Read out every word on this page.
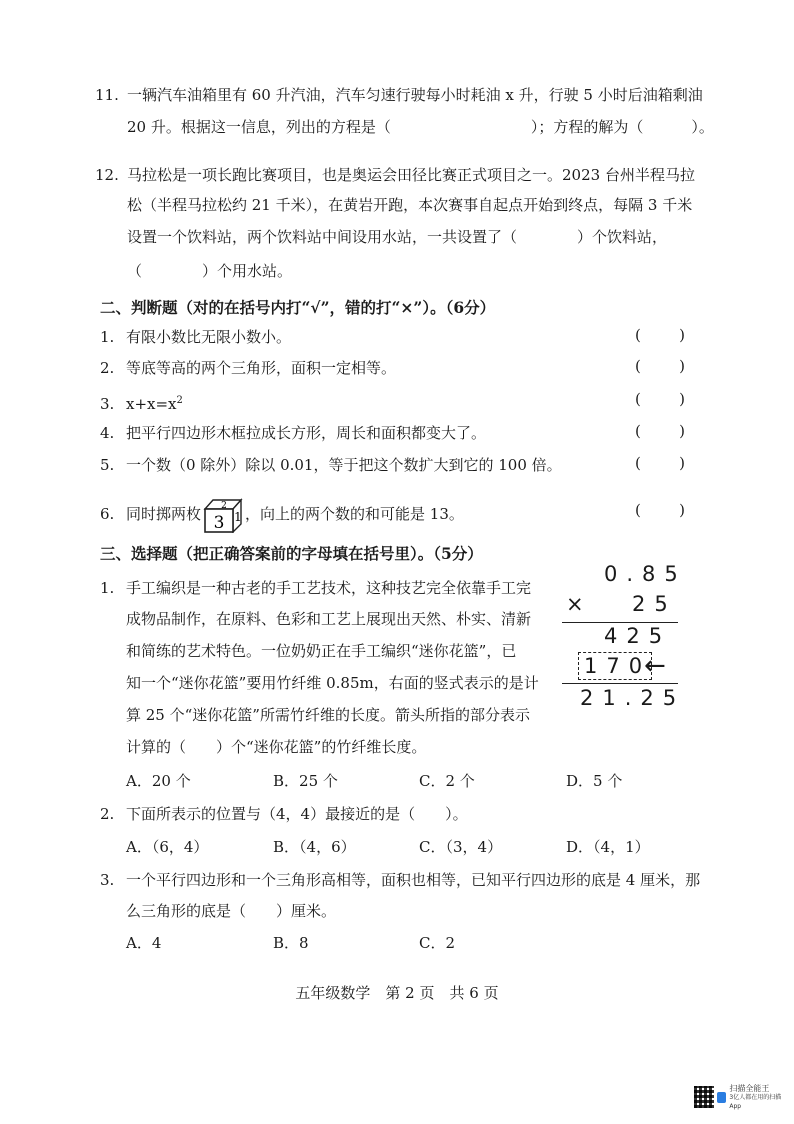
11. 一辆汽车油箱里有 60 升汽油，汽车匀速行驶每小时耗油 x 升，行驶 5 小时后油箱剩油
20 升。根据这一信息，列出的方程是（	）；方程的解为（	）。
12. 马拉松是一项长跑比赛项目，也是奥运会田径比赛正式项目之一。2023 台州半程马拉
松（半程马拉松约 21 千米），在黄岩开跑，本次赛事自起点开始到终点，每隔 3 千米
设置一个饮料站，两个饮料站中间设用水站，一共设置了（	）个饮料站，
（	）个用水站。
二、判断题（对的在括号内打“√”，错的打“×”）。（6分）
1. 有限小数比无限小数小。	(	)
2. 等底等高的两个三角形，面积一定相等。	(	)
3. $x+x=x^2$	(	)
4. 把平行四边形木框拉成长方形，周长和面积都变大了。	(	)
5. 一个数（0 除外）除以 0.01，等于把这个数扩大到它的 100 倍。	(	)
6. 同时掷两枚 3
2
1 ，向上的两个数的和可能是 13。	(	)
三、选择题（把正确答案前的字母填在括号里）。（5分）
1. 手工编织是一种古老的手工艺技术，这种技艺完全依靠手工完
成物品制作，在原料、色彩和工艺上展现出天然、朴实、清新
和简练的艺术特色。一位奶奶正在手工编织“迷你花篮”，已
知一个“迷你花篮”要用竹纤维 0.85m，右面的竖式表示的是计
算 25 个“迷你花篮”所需竹纤维的长度。箭头所指的部分表示
计算的（　　）个“迷你花篮”的竹纤维长度。
0.85
× 25
425
170
←
21.25
A．20 个	B．25 个	C．2 个	D．5 个
2. 下面所表示的位置与（4，4）最接近的是（　　）。
A．（6，4）	B．（4，6）	C．（3，4）	D．（4，1）
3. 一个平行四边形和一个三角形高相等，面积也相等，已知平行四边形的底是 4 厘米，那
么三角形的底是（　　）厘米。
A．4	B．8	C．2
五年级数学　第 2 页　共 6 页
扫描全能王
3亿人都在用的扫描App
